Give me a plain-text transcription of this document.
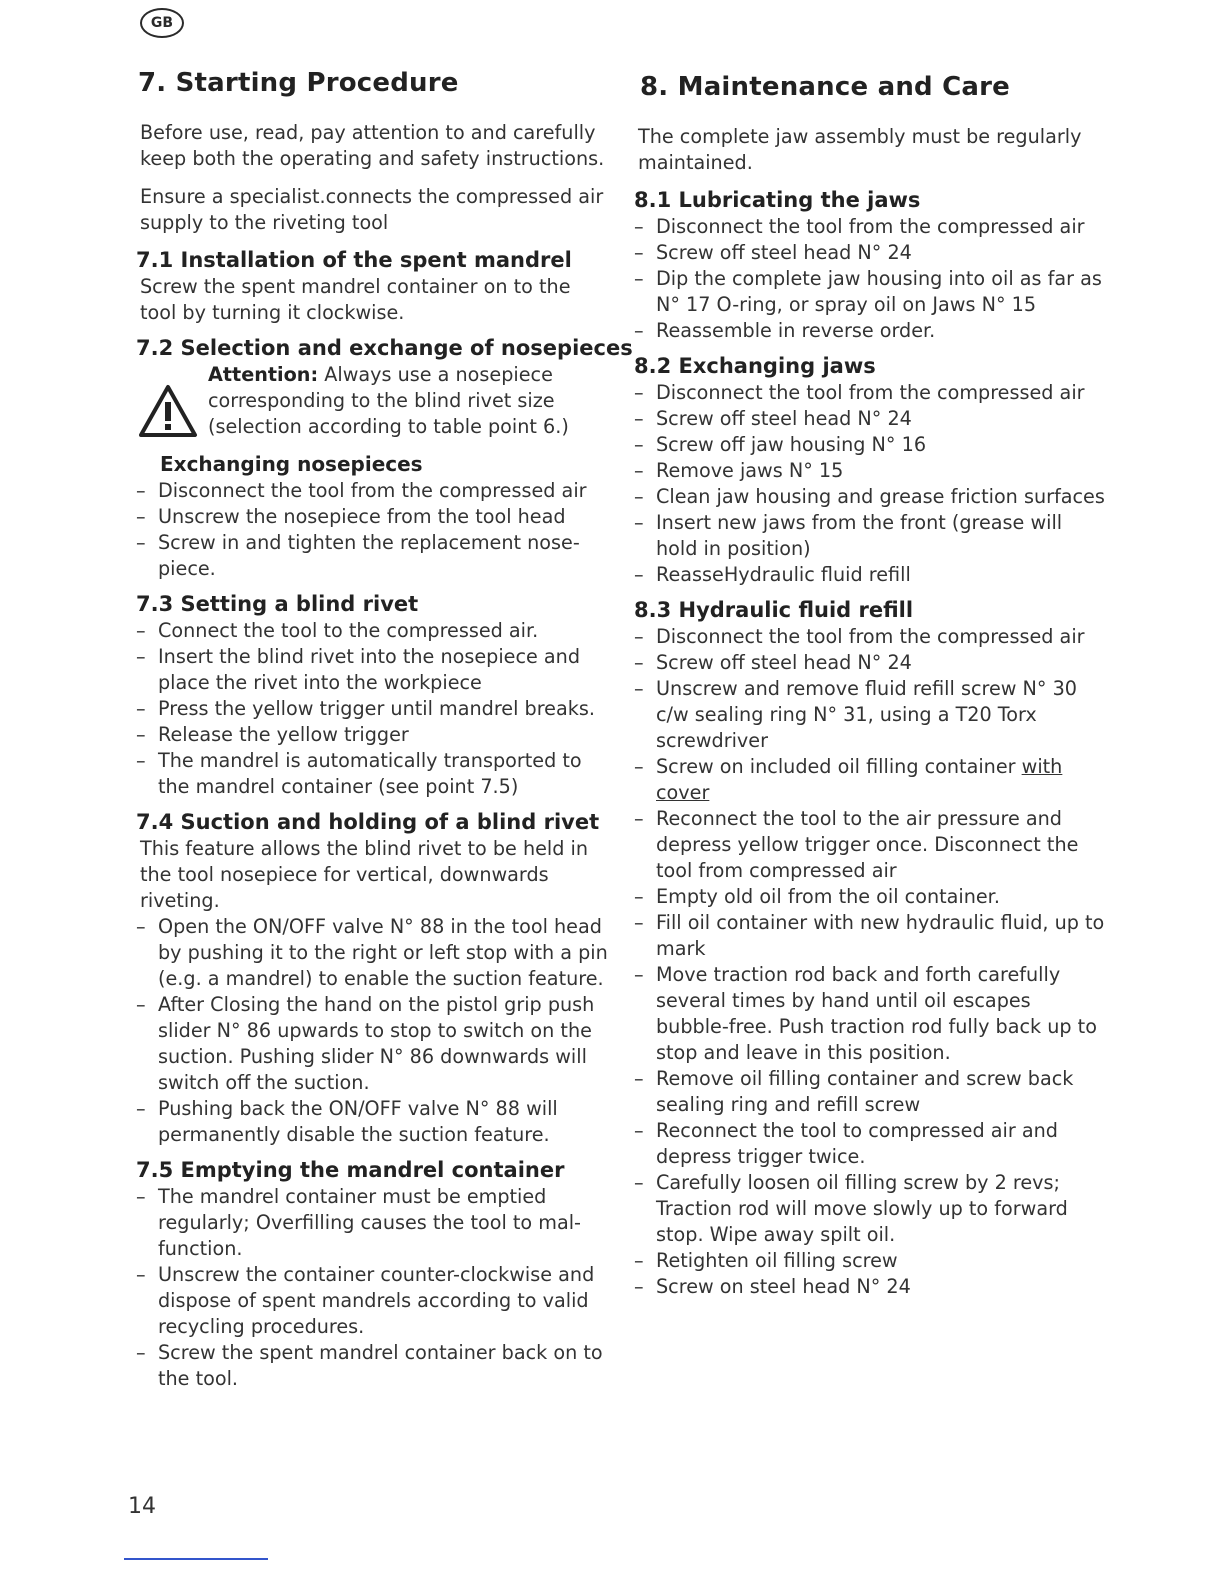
GB
7. Starting Procedure

Before use, read, pay attention to and carefully keep both the operating and safety instructions.

Ensure a specialist.connects the compressed air supply to the riveting tool

7.1 Installation of the spent mandrel

Screw the spent mandrel container on to the tool by turning it clockwise.

7.2 Selection and exchange of nosepieces
Attention: Always use a nosepiece corresponding to the blind rivet size (selection according to table point 6.)
Exchanging nosepieces
– Disconnect the tool from the compressed air
– Unscrew the nosepiece from the tool head
– Screw in and tighten the replacement nose-piece.
7.3 Setting a blind rivet
– Connect the tool to the compressed air.
– Insert the blind rivet into the nosepiece and place the rivet into the workpiece
– Press the yellow trigger until mandrel breaks.
– Release the yellow trigger
– The mandrel is automatically transported to the mandrel container (see point 7.5)
7.4 Suction and holding of a blind rivet

This feature allows the blind rivet to be held in the tool nosepiece for vertical, downwards riveting.

– Open the ON/OFF valve N° 88 in the tool head by pushing it to the right or left stop with a pin (e.g. a mandrel) to enable the suction feature.
– After Closing the hand on the pistol grip push slider N° 86 upwards to stop to switch on the suction. Pushing slider N° 86 downwards will switch off the suction.
– Pushing back the ON/OFF valve N° 88 will permanently disable the suction feature.
7.5 Emptying the mandrel container
– The mandrel container must be emptied regularly; Overfilling causes the tool to mal-function.
– Unscrew the container counter-clockwise and dispose of spent mandrels according to valid recycling procedures.
– Screw the spent mandrel container back on to the tool.
8. Maintenance and Care

The complete jaw assembly must be regularly maintained.

8.1 Lubricating the jaws
– Disconnect the tool from the compressed air
– Screw off steel head N° 24
– Dip the complete jaw housing into oil as far as N° 17 O-ring, or spray oil on Jaws N° 15
– Reassemble in reverse order.
8.2 Exchanging jaws
– Disconnect the tool from the compressed air
– Screw off steel head N° 24
– Screw off jaw housing N° 16
– Remove jaws N° 15
– Clean jaw housing and grease friction surfaces
– Insert new jaws from the front (grease will hold in position)
– ReasseHydraulic fluid refill
8.3 Hydraulic fluid refill
– Disconnect the tool from the compressed air
– Screw off steel head N° 24
– Unscrew and remove fluid refill screw N° 30 c/w sealing ring N° 31, using a T20 Torx screwdriver
– Screw on included oil filling container with cover
– Reconnect the tool to the air pressure and depress yellow trigger once. Disconnect the tool from compressed air
– Empty old oil from the oil container.
– Fill oil container with new hydraulic fluid, up to mark
– Move traction rod back and forth carefully several times by hand until oil escapes bubble-free. Push traction rod fully back up to stop and leave in this position.
– Remove oil filling container and screw back sealing ring and refill screw
– Reconnect the tool to compressed air and depress trigger twice.
– Carefully loosen oil filling screw by 2 revs; Traction rod will move slowly up to forward stop. Wipe away spilt oil.
– Retighten oil filling screw
– Screw on steel head N° 24
14
